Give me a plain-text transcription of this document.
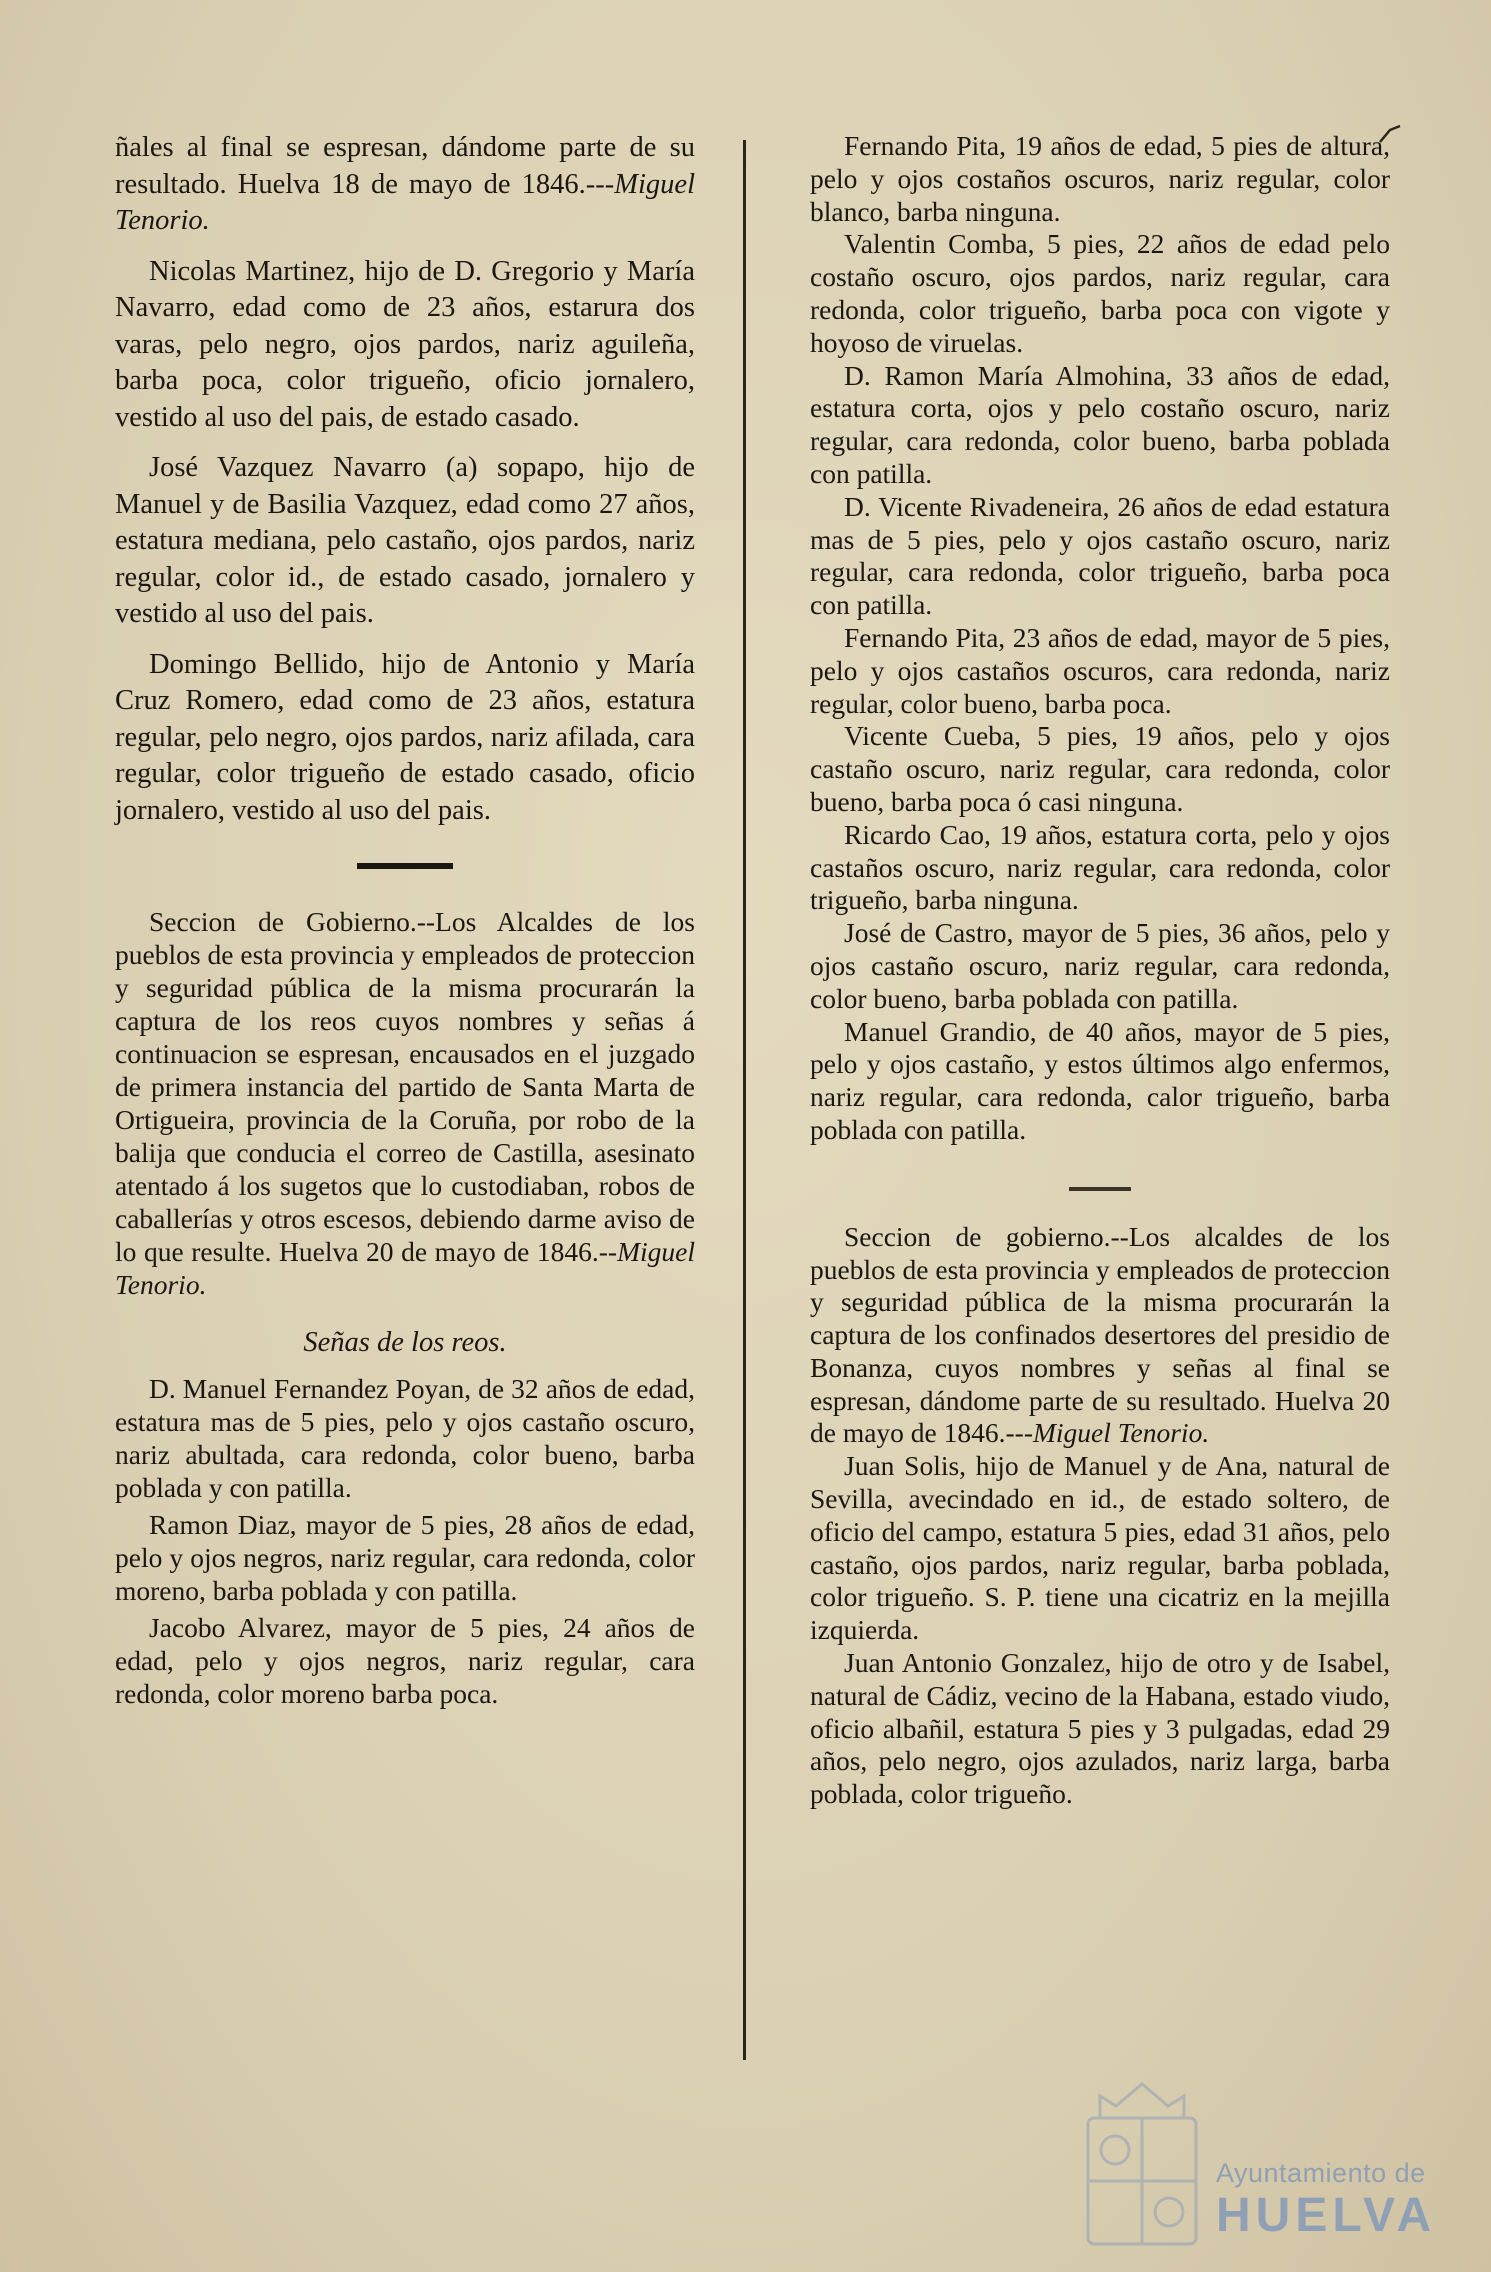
ñales al final se espresan, dándome parte de su resultado. Huelva 18 de mayo de 1846.---Miguel Tenorio.

Nicolas Martinez, hijo de D. Gregorio y María Navarro, edad como de 23 años, estarura dos varas, pelo negro, ojos pardos, nariz aguileña, barba poca, color trigueño, oficio jornalero, vestido al uso del pais, de estado casado.

José Vazquez Navarro (a) sopapo, hijo de Manuel y de Basilia Vazquez, edad como 27 años, estatura mediana, pelo castaño, ojos pardos, nariz regular, color id., de estado casado, jornalero y vestido al uso del pais.

Domingo Bellido, hijo de Antonio y María Cruz Romero, edad como de 23 años, estatura regular, pelo negro, ojos pardos, nariz afilada, cara regular, color trigueño de estado casado, oficio jornalero, vestido al uso del pais.

Seccion de Gobierno.--Los Alcaldes de los pueblos de esta provincia y empleados de proteccion y seguridad pública de la misma procurarán la captura de los reos cuyos nombres y señas á continuacion se espresan, encausados en el juzgado de primera instancia del partido de Santa Marta de Ortigueira, provincia de la Coruña, por robo de la balija que conducia el correo de Castilla, asesinato atentado á los sugetos que lo custodiaban, robos de caballerías y otros escesos, debiendo darme aviso de lo que resulte. Huelva 20 de mayo de 1846.--Miguel Tenorio.

Señas de los reos.

D. Manuel Fernandez Poyan, de 32 años de edad, estatura mas de 5 pies, pelo y ojos castaño oscuro, nariz abultada, cara redonda, color bueno, barba poblada y con patilla.

Ramon Diaz, mayor de 5 pies, 28 años de edad, pelo y ojos negros, nariz regular, cara redonda, color moreno, barba poblada y con patilla.

Jacobo Alvarez, mayor de 5 pies, 24 años de edad, pelo y ojos negros, nariz regular, cara redonda, color moreno barba poca.

Fernando Pita, 19 años de edad, 5 pies de altura, pelo y ojos costaños oscuros, nariz regular, color blanco, barba ninguna.

Valentin Comba, 5 pies, 22 años de edad pelo costaño oscuro, ojos pardos, nariz regular, cara redonda, color trigueño, barba poca con vigote y hoyoso de viruelas.

D. Ramon María Almohina, 33 años de edad, estatura corta, ojos y pelo costaño oscuro, nariz regular, cara redonda, color bueno, barba poblada con patilla.

D. Vicente Rivadeneira, 26 años de edad estatura mas de 5 pies, pelo y ojos castaño oscuro, nariz regular, cara redonda, color trigueño, barba poca con patilla.

Fernando Pita, 23 años de edad, mayor de 5 pies, pelo y ojos castaños oscuros, cara redonda, nariz regular, color bueno, barba poca.

Vicente Cueba, 5 pies, 19 años, pelo y ojos castaño oscuro, nariz regular, cara redonda, color bueno, barba poca ó casi ninguna.

Ricardo Cao, 19 años, estatura corta, pelo y ojos castaños oscuro, nariz regular, cara redonda, color trigueño, barba ninguna.

José de Castro, mayor de 5 pies, 36 años, pelo y ojos castaño oscuro, nariz regular, cara redonda, color bueno, barba poblada con patilla.

Manuel Grandio, de 40 años, mayor de 5 pies, pelo y ojos castaño, y estos últimos algo enfermos, nariz regular, cara redonda, calor trigueño, barba poblada con patilla.

Seccion de gobierno.--Los alcaldes de los pueblos de esta provincia y empleados de proteccion y seguridad pública de la misma procurarán la captura de los confinados desertores del presidio de Bonanza, cuyos nombres y señas al final se espresan, dándome parte de su resultado. Huelva 20 de mayo de 1846.---Miguel Tenorio.

Juan Solis, hijo de Manuel y de Ana, natural de Sevilla, avecindado en id., de estado soltero, de oficio del campo, estatura 5 pies, edad 31 años, pelo castaño, ojos pardos, nariz regular, barba poblada, color trigueño. S. P. tiene una cicatriz en la mejilla izquierda.

Juan Antonio Gonzalez, hijo de otro y de Isabel, natural de Cádiz, vecino de la Habana, estado viudo, oficio albañil, estatura 5 pies y 3 pulgadas, edad 29 años, pelo negro, ojos azulados, nariz larga, barba poblada, color trigueño.

Ayuntamiento de
HUELVA
